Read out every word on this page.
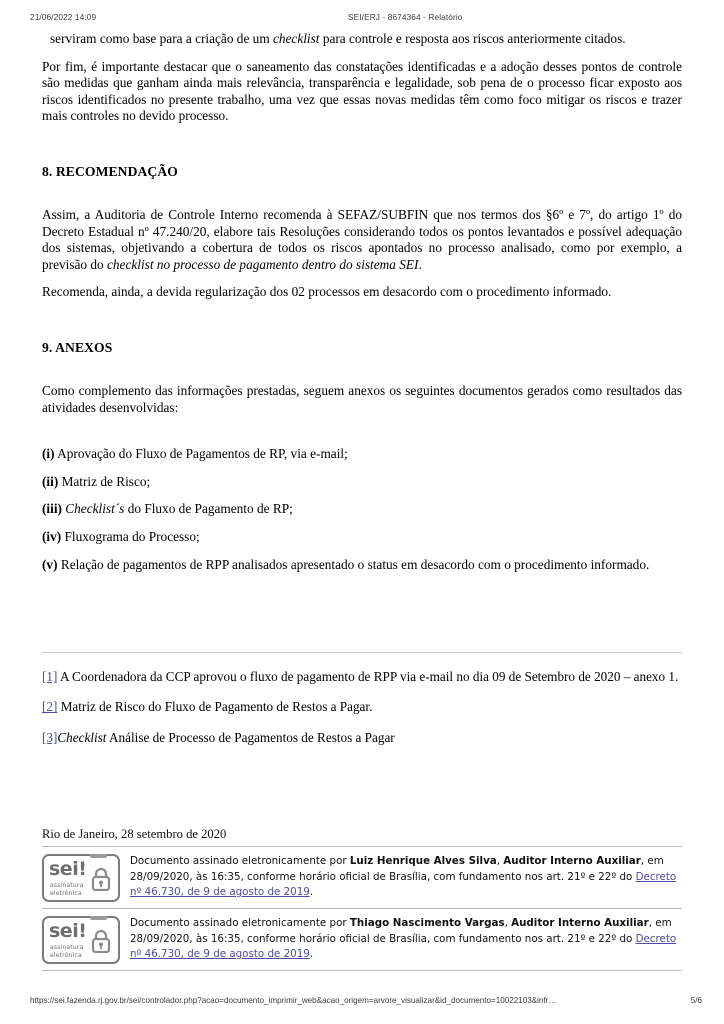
21/06/2022 14:09	SEI/ERJ - 8674364 - Relatório

serviram como base para a criação de um checklist para controle e resposta aos riscos anteriormente citados.

Por fim, é importante destacar que o saneamento das constatações identificadas e a adoção desses pontos de controle são medidas que ganham ainda mais relevância, transparência e legalidade, sob pena de o processo ficar exposto aos riscos identificados no presente trabalho, uma vez que essas novas medidas têm como foco mitigar os riscos e trazer mais controles no devido processo.

8. RECOMENDAÇÃO

Assim, a Auditoria de Controle Interno recomenda à SEFAZ/SUBFIN que nos termos dos §6º e 7º, do artigo 1º do Decreto Estadual nº 47.240/20, elabore tais Resoluções considerando todos os pontos levantados e possível adequação dos sistemas, objetivando a cobertura de todos os riscos apontados no processo analisado, como por exemplo, a previsão do checklist no processo de pagamento dentro do sistema SEI.

Recomenda, ainda, a devida regularização dos 02 processos em desacordo com o procedimento informado.

9. ANEXOS

Como complemento das informações prestadas, seguem anexos os seguintes documentos gerados como resultados das atividades desenvolvidas:

(i) Aprovação do Fluxo de Pagamentos de RP, via e-mail;

(ii) Matriz de Risco;

(iii) Checklist´s do Fluxo de Pagamento de RP;

(iv) Fluxograma do Processo;

(v) Relação de pagamentos de RPP analisados apresentado o status em desacordo com o procedimento informado.

[1] A Coordenadora da CCP aprovou o fluxo de pagamento de RPP via e-mail no dia 09 de Setembro de 2020 – anexo 1.

[2] Matriz de Risco do Fluxo de Pagamento de Restos a Pagar.

[3]Checklist Análise de Processo de Pagamentos de Restos a Pagar

Rio de Janeiro, 28 setembro de 2020

sei!
assinatura
eletrônica
Documento assinado eletronicamente por Luiz Henrique Alves Silva, Auditor Interno Auxiliar, em 28/09/2020, às 16:35, conforme horário oficial de Brasília, com fundamento nos art. 21º e 22º do Decreto nº 46.730, de 9 de agosto de 2019.
sei!
assinatura
eletrônica
Documento assinado eletronicamente por Thiago Nascimento Vargas, Auditor Interno Auxiliar, em 28/09/2020, às 16:35, conforme horário oficial de Brasília, com fundamento nos art. 21º e 22º do Decreto nº 46.730, de 9 de agosto de 2019.
https://sei.fazenda.rj.gov.br/sei/controlador.php?acao=documento_imprimir_web&acao_origem=arvore_visualizar&id_documento=10022103&infr…	5/6
